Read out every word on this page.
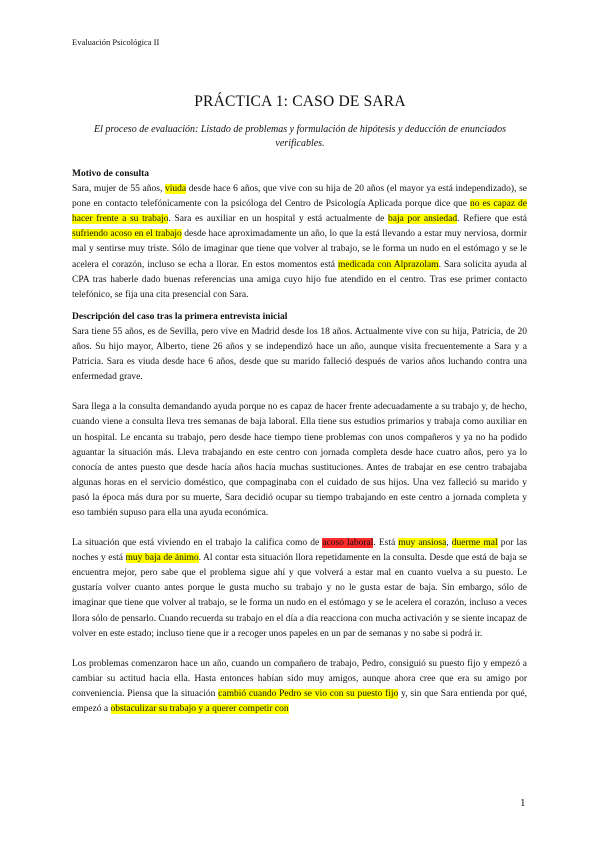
Evaluación Psicológica II
PRÁCTICA 1: CASO DE SARA
El proceso de evaluación: Listado de problemas y formulación de hipótesis y deducción de enunciados verificables.
Motivo de consulta

Sara, mujer de 55 años, viuda desde hace 6 años, que vive con su hija de 20 años (el mayor ya está independizado), se pone en contacto telefónicamente con la psicóloga del Centro de Psicología Aplicada porque dice que no es capaz de hacer frente a su trabajo. Sara es auxiliar en un hospital y está actualmente de baja por ansiedad. Refiere que está sufriendo acoso en el trabajo desde hace aproximadamente un año, lo que la está llevando a estar muy nerviosa, dormir mal y sentirse muy triste. Sólo de imaginar que tiene que volver al trabajo, se le forma un nudo en el estómago y se le acelera el corazón, incluso se echa a llorar. En estos momentos está medicada con Alprazolam. Sara solicita ayuda al CPA tras haberle dado buenas referencias una amiga cuyo hijo fue atendido en el centro. Tras ese primer contacto telefónico, se fija una cita presencial con Sara.

Descripción del caso tras la primera entrevista inicial

Sara tiene 55 años, es de Sevilla, pero vive en Madrid desde los 18 años. Actualmente vive con su hija, Patricia, de 20 años. Su hijo mayor, Alberto, tiene 26 años y se independizó hace un año, aunque visita frecuentemente a Sara y a Patricia. Sara es viuda desde hace 6 años, desde que su marido falleció después de varios años luchando contra una enfermedad grave.

Sara llega a la consulta demandando ayuda porque no es capaz de hacer frente adecuadamente a su trabajo y, de hecho, cuando viene a consulta lleva tres semanas de baja laboral. Ella tiene sus estudios primarios y trabaja como auxiliar en un hospital. Le encanta su trabajo, pero desde hace tiempo tiene problemas con unos compañeros y ya no ha podido aguantar la situación más. Lleva trabajando en este centro con jornada completa desde hace cuatro años, pero ya lo conocía de antes puesto que desde hacía años hacía muchas sustituciones. Antes de trabajar en ese centro trabajaba algunas horas en el servicio doméstico, que compaginaba con el cuidado de sus hijos. Una vez falleció su marido y pasó la época más dura por su muerte, Sara decidió ocupar su tiempo trabajando en este centro a jornada completa y eso también supuso para ella una ayuda económica.

La situación que está viviendo en el trabajo la califica como de acoso laboral. Está muy ansiosa, duerme mal por las noches y está muy baja de ánimo. Al contar esta situación llora repetidamente en la consulta. Desde que está de baja se encuentra mejor, pero sabe que el problema sigue ahí y que volverá a estar mal en cuanto vuelva a su puesto. Le gustaría volver cuanto antes porque le gusta mucho su trabajo y no le gusta estar de baja. Sin embargo, sólo de imaginar que tiene que volver al trabajo, se le forma un nudo en el estómago y se le acelera el corazón, incluso a veces llora sólo de pensarlo. Cuando recuerda su trabajo en el día a día reacciona con mucha activación y se siente incapaz de volver en este estado; incluso tiene que ir a recoger unos papeles en un par de semanas y no sabe si podrá ir.

Los problemas comenzaron hace un año, cuando un compañero de trabajo, Pedro, consiguió su puesto fijo y empezó a cambiar su actitud hacia ella. Hasta entonces habían sido muy amigos, aunque ahora cree que era su amigo por conveniencia. Piensa que la situación cambió cuando Pedro se vio con su puesto fijo y, sin que Sara entienda por qué, empezó a obstaculizar su trabajo y a querer competir con

1
